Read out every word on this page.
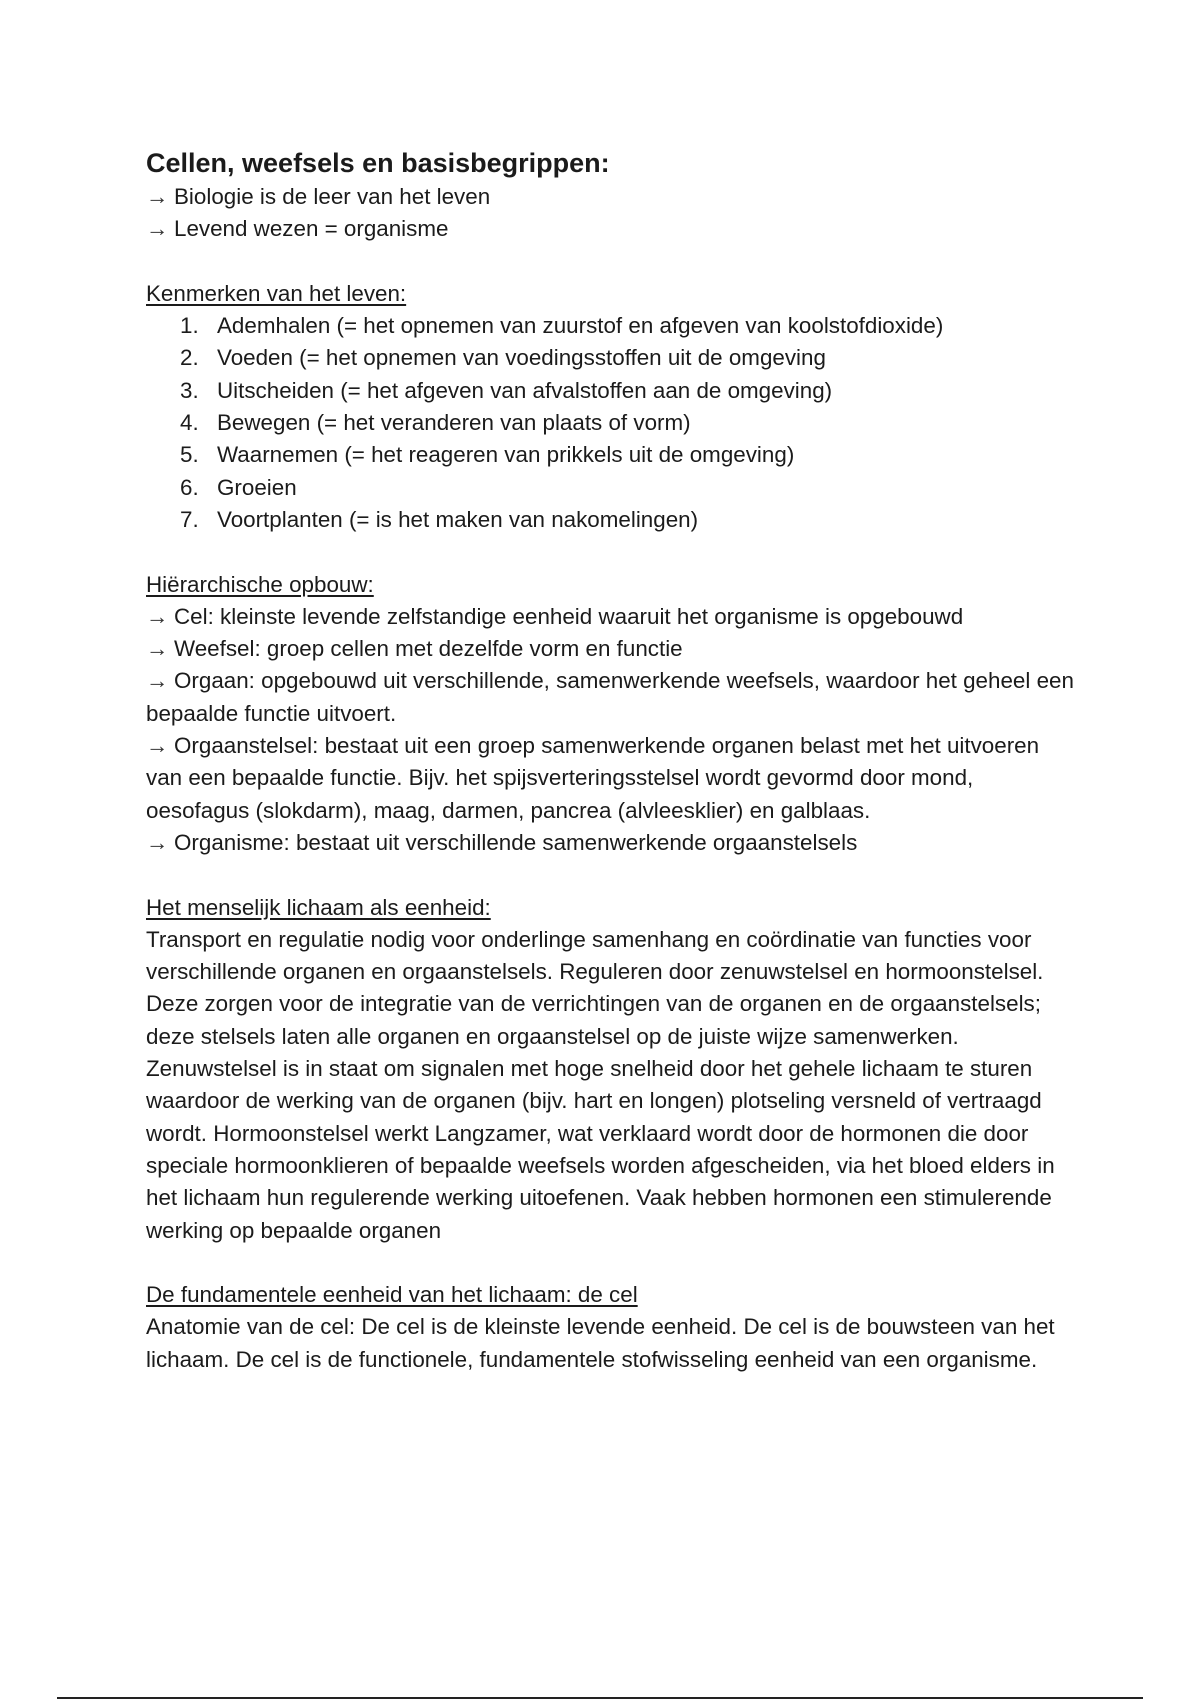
Cellen, weefsels en basisbegrippen:

→ Biologie is de leer van het leven

→ Levend wezen = organisme

Kenmerken van het leven:

1. Ademhalen (= het opnemen van zuurstof en afgeven van koolstofdioxide)
2. Voeden (= het opnemen van voedingsstoffen uit de omgeving
3. Uitscheiden (= het afgeven van afvalstoffen aan de omgeving)
4. Bewegen (= het veranderen van plaats of vorm)
5. Waarnemen (= het reageren van prikkels uit de omgeving)
6. Groeien
7. Voortplanten (= is het maken van nakomelingen)

Hiërarchische opbouw:

→ Cel: kleinste levende zelfstandige eenheid waaruit het organisme is opgebouwd

→ Weefsel: groep cellen met dezelfde vorm en functie

→ Orgaan: opgebouwd uit verschillende, samenwerkende weefsels, waardoor het geheel een bepaalde functie uitvoert.

→ Orgaanstelsel: bestaat uit een groep samenwerkende organen belast met het uitvoeren van een bepaalde functie. Bijv. het spijsverteringsstelsel wordt gevormd door mond, oesofagus (slokdarm), maag, darmen, pancrea (alvleesklier) en galblaas.

→ Organisme: bestaat uit verschillende samenwerkende orgaanstelsels

Het menselijk lichaam als eenheid:

Transport en regulatie nodig voor onderlinge samenhang en coördinatie van functies voor verschillende organen en orgaanstelsels. Reguleren door zenuwstelsel en hormoonstelsel. Deze zorgen voor de integratie van de verrichtingen van de organen en de orgaanstelsels; deze stelsels laten alle organen en orgaanstelsel op de juiste wijze samenwerken. Zenuwstelsel is in staat om signalen met hoge snelheid door het gehele lichaam te sturen waardoor de werking van de organen (bijv. hart en longen) plotseling versneld of vertraagd wordt. Hormoonstelsel werkt Langzamer, wat verklaard wordt door de hormonen die door speciale hormoonklieren of bepaalde weefsels worden afgescheiden, via het bloed elders in het lichaam hun regulerende werking uitoefenen. Vaak hebben hormonen een stimulerende werking op bepaalde organen

De fundamentele eenheid van het lichaam: de cel

Anatomie van de cel: De cel is de kleinste levende eenheid. De cel is de bouwsteen van het lichaam. De cel is de functionele, fundamentele stofwisseling eenheid van een organisme.
